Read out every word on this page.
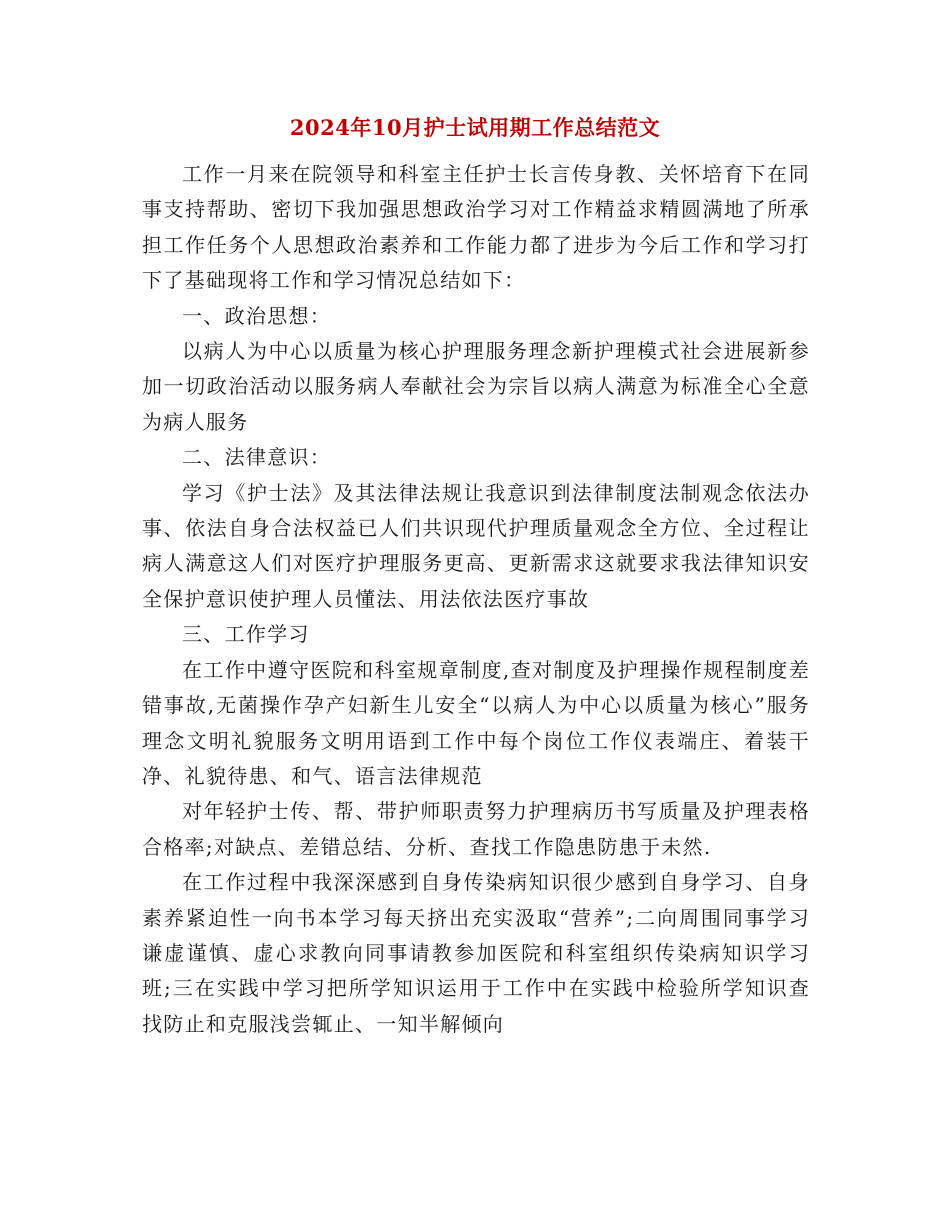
2024年10月护士试用期工作总结范文

工作一月来在院领导和科室主任护士长言传身教、关怀培育下在同事支持帮助、密切下我加强思想政治学习对工作精益求精圆满地了所承担工作任务个人思想政治素养和工作能力都了进步为今后工作和学习打下了基础现将工作和学习情况总结如下：

一、政治思想：

以病人为中心以质量为核心护理服务理念新护理模式社会进展新参加一切政治活动以服务病人奉献社会为宗旨以病人满意为标准全心全意为病人服务

二、法律意识：

学习《护士法》及其法律法规让我意识到法律制度法制观念依法办事、依法自身合法权益已人们共识现代护理质量观念全方位、全过程让病人满意这人们对医疗护理服务更高、更新需求这就要求我法律知识安全保护意识使护理人员懂法、用法依法医疗事故

三、工作学习

在工作中遵守医院和科室规章制度,查对制度及护理操作规程制度差错事故,无菌操作孕产妇新生儿安全“以病人为中心以质量为核心”服务理念文明礼貌服务文明用语到工作中每个岗位工作仪表端庄、着装干净、礼貌待患、和气、语言法律规范

对年轻护士传、帮、带护师职责努力护理病历书写质量及护理表格合格率;对缺点、差错总结、分析、查找工作隐患防患于未然.

在工作过程中我深深感到自身传染病知识很少感到自身学习、自身素养紧迫性一向书本学习每天挤出充实汲取“营养”;二向周围同事学习谦虚谨慎、虚心求教向同事请教参加医院和科室组织传染病知识学习班;三在实践中学习把所学知识运用于工作中在实践中检验所学知识查找防止和克服浅尝辄止、一知半解倾向
